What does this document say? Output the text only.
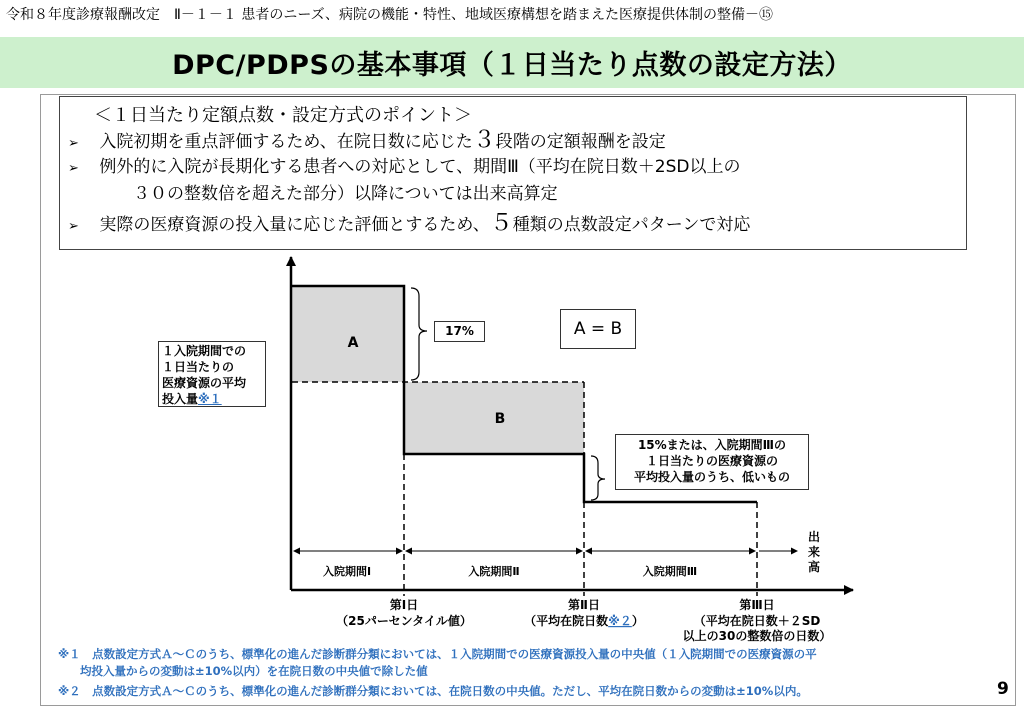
令和８年度診療報酬改定　Ⅱ－１－１ 患者のニーズ、病院の機能・特性、地域医療構想を踏まえた医療提供体制の整備－⑮
DPC/PDPSの基本事項（１日当たり点数の設定方法）
＜１日当たり定額点数・設定方式のポイント＞
➢ 入院初期を重点評価するため、在院日数に応じた３段階の定額報酬を設定
➢ 例外的に入院が長期化する患者への対応として、期間Ⅲ（平均在院日数＋2SD以上の
３０の整数倍を超えた部分）以降については出来高算定
➢ 実際の医療資源の投入量に応じた評価とするため、５種類の点数設定パターンで対応
A
B
入院期間Ⅰ	入院期間Ⅱ	入院期間Ⅲ
出
来
高
第Ⅰ日
（25パーセンタイル値）
第Ⅱ日
（平均在院日数※２）
第Ⅲ日
（平均在院日数＋２SD
以上の30の整数倍の日数）
17%	A = B
１入院期間での
１日当たりの
医療資源の平均
投入量※１
15%または、入院期間Ⅲの
１日当たりの医療資源の
平均投入量のうち、低いもの
※１　点数設定方式Ａ～Ｃのうち、標準化の進んだ診断群分類においては、１入院期間での医療資源投入量の中央値（１入院期間での医療資源の平
均投入量からの変動は±10%以内）を在院日数の中央値で除した値
※２　点数設定方式Ａ～Ｃのうち、標準化の進んだ診断群分類においては、在院日数の中央値。ただし、平均在院日数からの変動は±10%以内。	9
